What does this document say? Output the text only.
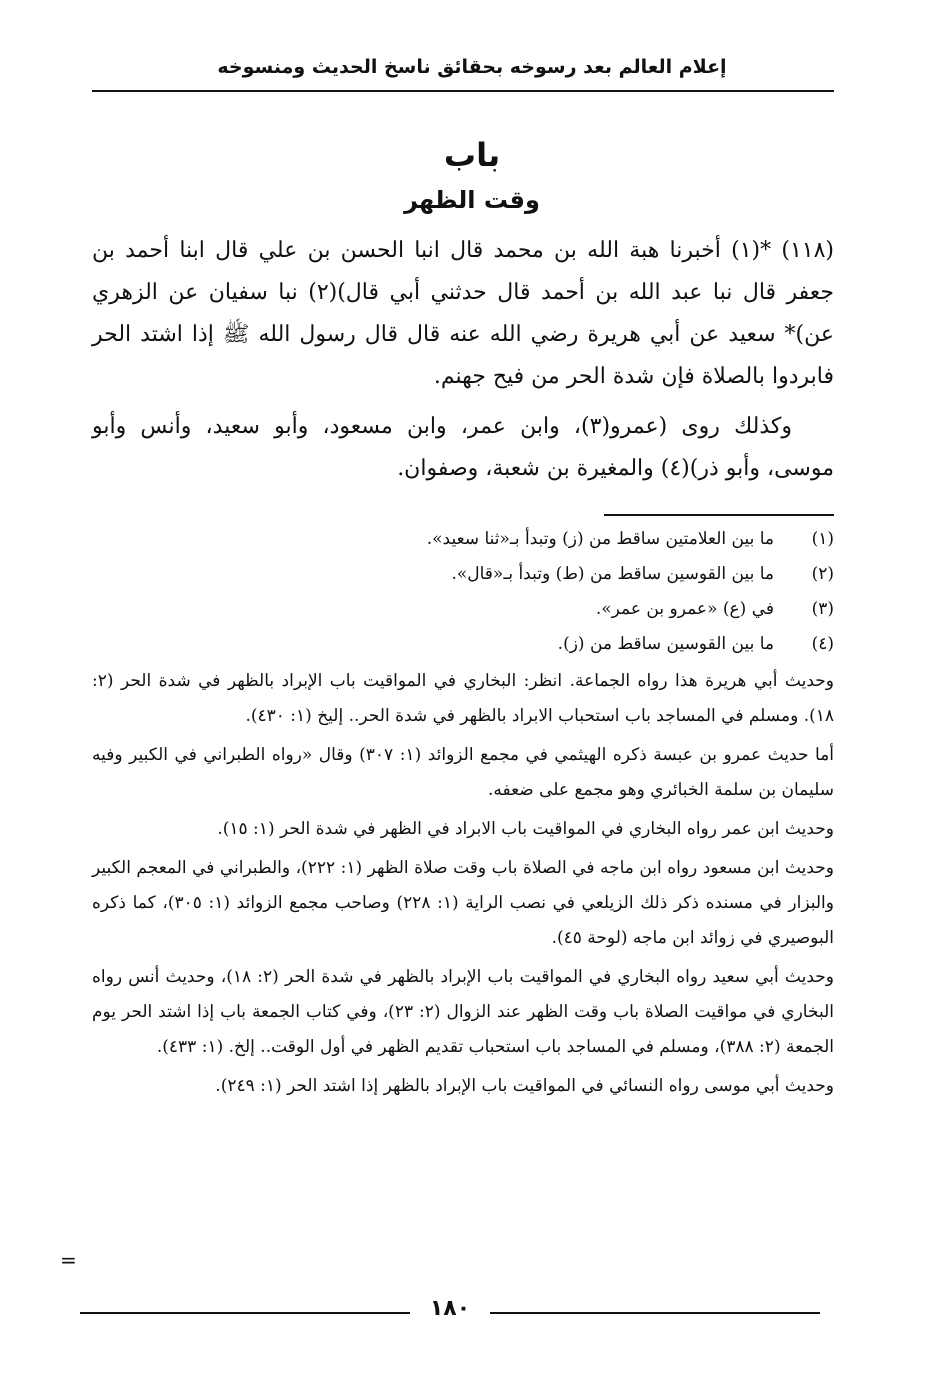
إعلام العالم بعد رسوخه بحقائق ناسخ الحديث ومنسوخه
باب
وقت الظهر

(١١٨) *(١) أخبرنا هبة الله بن محمد قال انبا الحسن بن علي قال ابنا أحمد بن جعفر قال نبا عبد الله بن أحمد قال حدثني أبي قال)(٢) نبا سفيان عن الزهري عن)* سعيد عن أبي هريرة رضي الله عنه قال قال رسول الله ﷺ إذا اشتد الحر فابردوا بالصلاة فإن شدة الحر من فيح جهنم.

وكذلك روى (عمرو(٣)، وابن عمر، وابن مسعود، وأبو سعيد، وأنس وأبو موسى، وأبو ذر)(٤) والمغيرة بن شعبة، وصفوان.

(١)
ما بين العلامتين ساقط من (ز) وتبدأ بـ«ثنا سعيد».
(٢)
ما بين القوسين ساقط من (ط) وتبدأ بـ«قال».
(٣)
في (ع) «عمرو بن عمر».
(٤)
ما بين القوسين ساقط من (ز).

وحديث أبي هريرة هذا رواه الجماعة. انظر: البخاري في المواقيت باب الإبراد بالظهر في شدة الحر (٢: ١٨). ومسلم في المساجد باب استحباب الابراد بالظهر في شدة الحر.. إليخ (١: ٤٣٠).

أما حديث عمرو بن عبسة ذكره الهيثمي في مجمع الزوائد (١: ٣٠٧) وقال «رواه الطبراني في الكبير وفيه سليمان بن سلمة الخبائري وهو مجمع على ضعفه.

وحديث ابن عمر رواه البخاري في المواقيت باب الابراد في الظهر في شدة الحر (١: ١٥).

وحديث ابن مسعود رواه ابن ماجه في الصلاة باب وقت صلاة الظهر (١: ٢٢٢)، والطبراني في المعجم الكبير والبزار في مسنده ذكر ذلك الزيلعي في نصب الراية (١: ٢٢٨) وصاحب مجمع الزوائد (١: ٣٠٥)، كما ذكره البوصيري في زوائد ابن ماجه (لوحة ٤٥).

وحديث أبي سعيد رواه البخاري في المواقيت باب الإبراد بالظهر في شدة الحر (٢: ١٨)، وحديث أنس رواه البخاري في مواقيت الصلاة باب وقت الظهر عند الزوال (٢: ٢٣)، وفي كتاب الجمعة باب إذا اشتد الحر يوم الجمعة (٢: ٣٨٨)، ومسلم في المساجد باب استحباب تقديم الظهر في أول الوقت.. إلخ. (١: ٤٣٣).

وحديث أبي موسى رواه النسائي في المواقيت باب الإبراد بالظهر إذا اشتد الحر (١: ٢٤٩).

=
١٨٠
